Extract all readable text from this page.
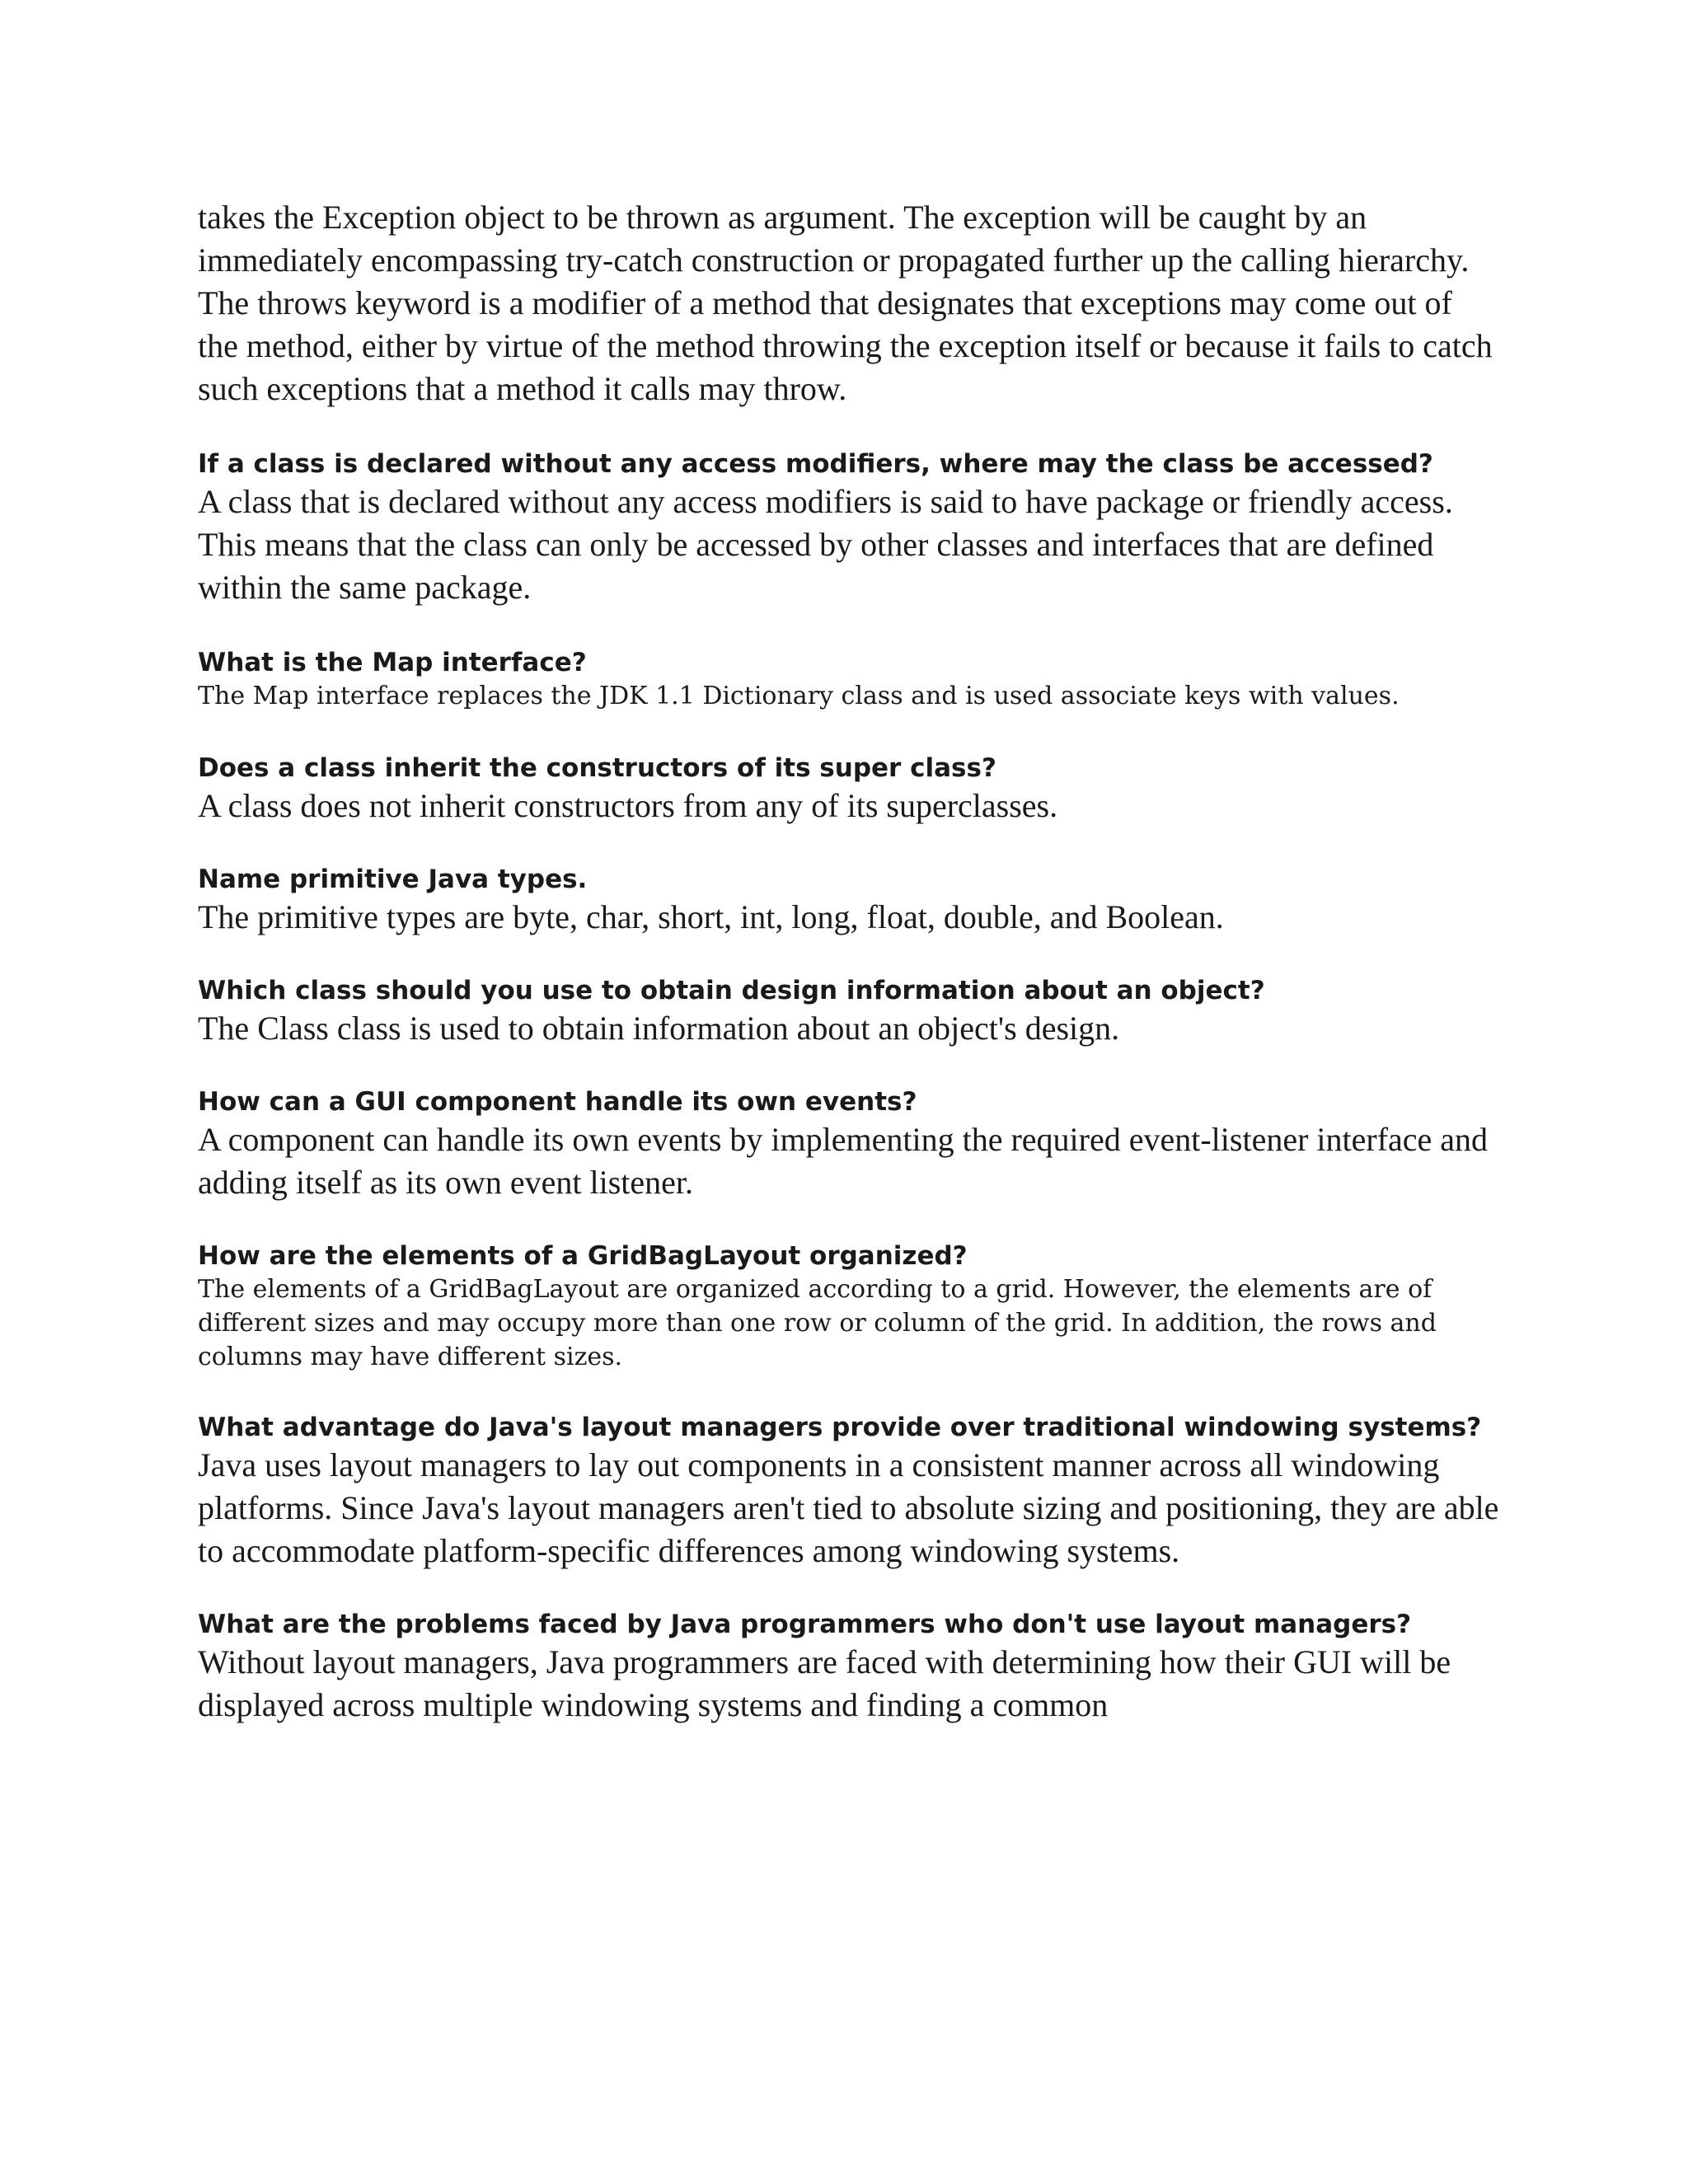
takes the Exception object to be thrown as argument. The exception will be caught by an immediately encompassing try-catch construction or propagated further up the calling hierarchy.

The throws keyword is a modifier of a method that designates that exceptions may come out of the method, either by virtue of the method throwing the exception itself or because it fails to catch such exceptions that a method it calls may throw.

If a class is declared without any access modifiers, where may the class be accessed?

A class that is declared without any access modifiers is said to have package or friendly access. This means that the class can only be accessed by other classes and interfaces that are defined within the same package.

What is the Map interface?

The Map interface replaces the JDK 1.1 Dictionary class and is used associate keys with values.

Does a class inherit the constructors of its super class?

A class does not inherit constructors from any of its superclasses.

Name primitive Java types.

The primitive types are byte, char, short, int, long, float, double, and Boolean.

Which class should you use to obtain design information about an object?

The Class class is used to obtain information about an object's design.

How can a GUI component handle its own events?

A component can handle its own events by implementing the required event-listener interface and adding itself as its own event listener.

How are the elements of a GridBagLayout organized?

The elements of a GridBagLayout are organized according to a grid. However, the elements are of different sizes and may occupy more than one row or column of the grid. In addition, the rows and columns may have different sizes.

What advantage do Java's layout managers provide over traditional windowing systems?

Java uses layout managers to lay out components in a consistent manner across all windowing platforms. Since Java's layout managers aren't tied to absolute sizing and positioning, they are able to accommodate platform-specific differences among windowing systems.

What are the problems faced by Java programmers who don't use layout managers?

Without layout managers, Java programmers are faced with determining how their GUI will be displayed across multiple windowing systems and finding a common
